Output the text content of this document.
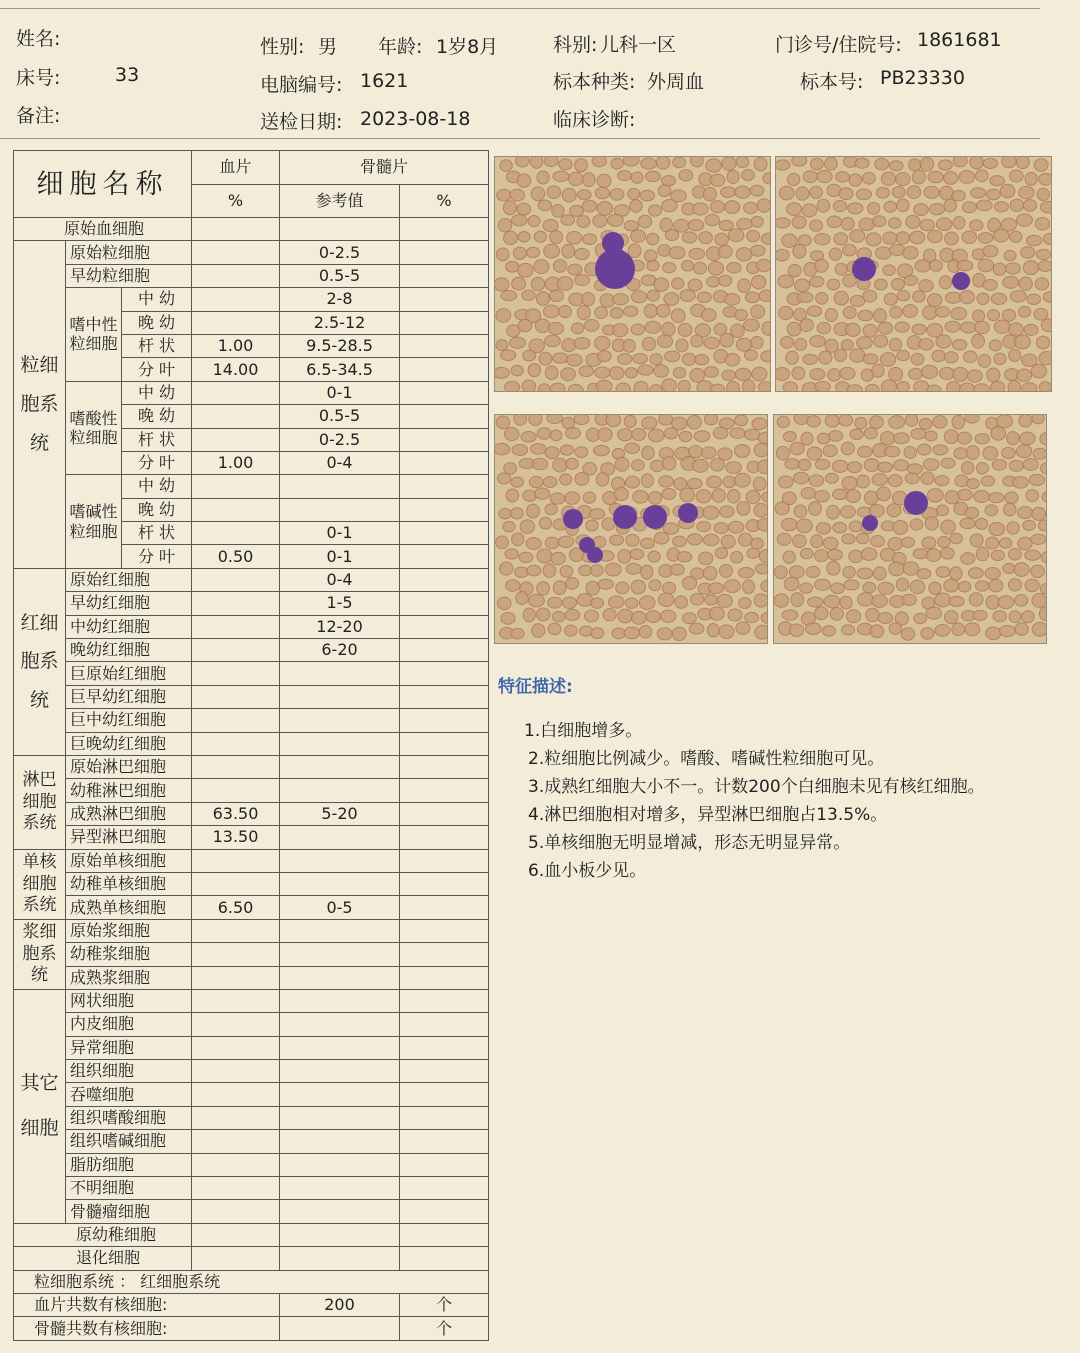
姓名:	性别: 男 年龄: 1岁8月	科别: 儿科一区	门诊号/住院号: 1861681
床号:	33	电脑编号: 1621	标本种类: 外周血	标本号: PB23330
备注:	送检日期: 2023-08-18	临床诊断:
细胞名称			血片	骨髓片	
			%	参考值	%
原始血细胞					
粒细胞系统	原始粒细胞			0-2.5	
	早幼粒细胞			0.5-5	
	嗜中性粒细胞	中 幼		2-8	
		晚 幼		2.5-12	
		杆 状	1.00	9.5-28.5	
		分 叶	14.00	6.5-34.5	
	嗜酸性粒细胞	中 幼		0-1	
		晚 幼		0.5-5	
		杆 状		0-2.5	
		分 叶	1.00	0-4	
	嗜碱性粒细胞	中 幼			
		晚 幼			
		杆 状		0-1	
		分 叶	0.50	0-1	
红细胞系统	原始红细胞			0-4	
	早幼红细胞			1-5	
	中幼红细胞			12-20	
	晚幼红细胞			6-20	
	巨原始红细胞				
	巨早幼红细胞				
	巨中幼红细胞				
	巨晚幼红细胞				
淋巴细胞系统	原始淋巴细胞				
	幼稚淋巴细胞				
	成熟淋巴细胞		63.50	5-20	
	异型淋巴细胞		13.50		
单核细胞系统	原始单核细胞				
	幼稚单核细胞				
	成熟单核细胞		6.50	0-5	
浆细胞系统	原始浆细胞				
	幼稚浆细胞				
	成熟浆细胞				
其它细胞	网状细胞				
	内皮细胞				
	异常细胞				
	组织细胞				
	吞噬细胞				
	组织嗜酸细胞				
	组织嗜碱细胞				
	脂肪细胞				
	不明细胞				
	骨髓瘤细胞				
原幼稚细胞					
退化细胞					
粒细胞系统 ： 红细胞系统					
血片共数有核细胞:				200	个
骨髓共数有核细胞:					个
特征描述:
1.白细胞增多。
2.粒细胞比例减少。嗜酸、嗜碱性粒细胞可见。
3.成熟红细胞大小不一。计数200个白细胞未见有核红细胞。
4.淋巴细胞相对增多，异型淋巴细胞占13.5%。
5.单核细胞无明显增减，形态无明显异常。
6.血小板少见。
